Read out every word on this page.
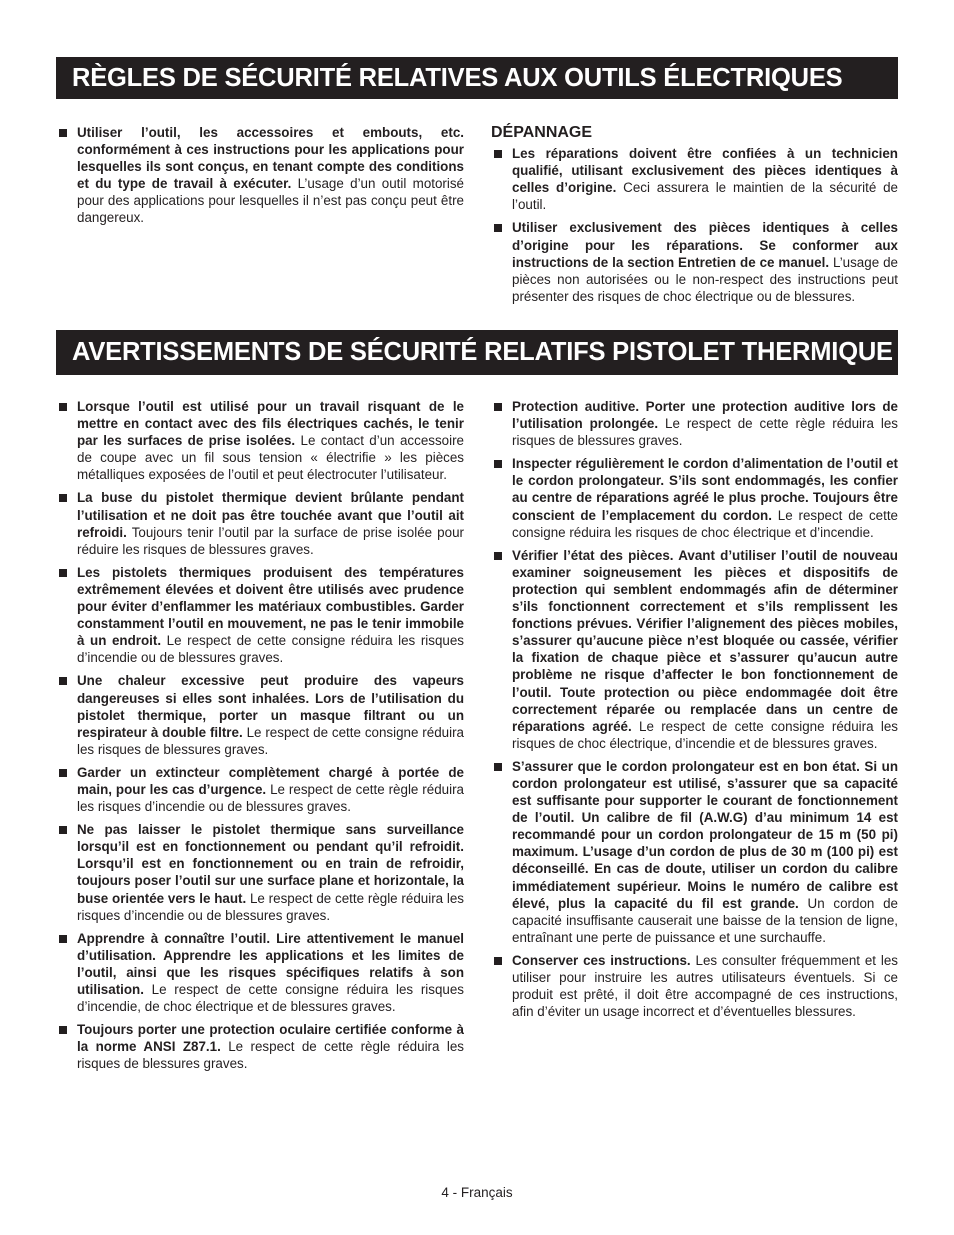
RÈGLES DE SÉCURITÉ RELATIVES AUX OUTILS ÉLECTRIQUES
Utiliser l’outil, les accessoires et embouts, etc. conformément à ces instructions pour les applications pour lesquelles ils sont conçus, en tenant compte des conditions et du type de travail à exécuter. L’usage d’un outil motorisé pour des applications pour lesquelles il n’est pas conçu peut être dangereux.
DÉPANNAGE
Les réparations doivent être confiées à un technicien qualifié, utilisant exclusivement des pièces identiques à celles d’origine. Ceci assurera le maintien de la sécurité de l’outil.
Utiliser exclusivement des pièces identiques à celles d’origine pour les réparations. Se conformer aux instructions de la section Entretien de ce manuel. L’usage de pièces non autorisées ou le non-respect des instructions peut présenter des risques de choc électrique ou de blessures.
AVERTISSEMENTS DE SÉCURITÉ RELATIFS PISTOLET THERMIQUE
Lorsque l’outil est utilisé pour un travail risquant de le mettre en contact avec des fils électriques cachés, le tenir par les surfaces de prise isolées. Le contact d’un accessoire de coupe avec un fil sous tension « électrifie » les pièces métalliques exposées de l’outil et peut électrocuter l’utilisateur.
La buse du pistolet thermique devient brûlante pendant l’utilisation et ne doit pas être touchée avant que l’outil ait refroidi. Toujours tenir l’outil par la surface de prise isolée pour réduire les risques de blessures graves.
Les pistolets thermiques produisent des températures extrêmement élevées et doivent être utilisés avec prudence pour éviter d’enflammer les matériaux combustibles. Garder constamment l’outil en mouvement, ne pas le tenir immobile à un endroit. Le respect de cette consigne réduira les risques d’incendie ou de blessures graves.
Une chaleur excessive peut produire des vapeurs dangereuses si elles sont inhalées. Lors de l’utilisation du pistolet thermique, porter un masque filtrant ou un respirateur à double filtre. Le respect de cette consigne réduira les risques de blessures graves.
Garder un extincteur complètement chargé à portée de main, pour les cas d’urgence. Le respect de cette règle réduira les risques d’incendie ou de blessures graves.
Ne pas laisser le pistolet thermique sans surveillance lorsqu’il est en fonctionnement ou pendant qu’il refroidit. Lorsqu’il est en fonctionnement ou en train de refroidir, toujours poser l’outil sur une surface plane et horizontale, la buse orientée vers le haut. Le respect de cette règle réduira les risques d’incendie ou de blessures graves.
Apprendre à connaître l’outil. Lire attentivement le manuel d’utilisation. Apprendre les applications et les limites de l’outil, ainsi que les risques spécifiques relatifs à son utilisation. Le respect de cette consigne réduira les risques d’incendie, de choc électrique et de blessures graves.
Toujours porter une protection oculaire certifiée conforme à la norme ANSI Z87.1. Le respect de cette règle réduira les risques de blessures graves.
Protection auditive. Porter une protection auditive lors de l’utilisation prolongée. Le respect de cette règle réduira les risques de blessures graves.
Inspecter régulièrement le cordon d’alimentation de l’outil et le cordon prolongateur. S’ils sont endommagés, les confier au centre de réparations agréé le plus proche. Toujours être conscient de l’emplacement du cordon. Le respect de cette consigne réduira les risques de choc électrique et d’incendie.
Vérifier l’état des pièces. Avant d’utiliser l’outil de nouveau examiner soigneusement les pièces et dispositifs de protection qui semblent endommagés afin de déterminer s’ils fonctionnent correctement et s’ils remplissent les fonctions prévues. Vérifier l’alignement des pièces mobiles, s’assurer qu’aucune pièce n’est bloquée ou cassée, vérifier la fixation de chaque pièce et s’assurer qu’aucun autre problème ne risque d’affecter le bon fonctionnement de l’outil. Toute protection ou pièce endommagée doit être correctement réparée ou remplacée dans un centre de réparations agréé. Le respect de cette consigne réduira les risques de choc électrique, d’incendie et de blessures graves.
S’assurer que le cordon prolongateur est en bon état. Si un cordon prolongateur est utilisé, s’assurer que sa capacité est suffisante pour supporter le courant de fonctionnement de l’outil. Un calibre de fil (A.W.G) d’au minimum 14 est recommandé pour un cordon prolongateur de 15 m (50 pi) maximum. L’usage d’un cordon de plus de 30 m (100 pi) est déconseillé. En cas de doute, utiliser un cordon du calibre immédiatement supérieur. Moins le numéro de calibre est élevé, plus la capacité du fil est grande. Un cordon de capacité insuffisante causerait une baisse de la tension de ligne, entraînant une perte de puissance et une surchauffe.
Conserver ces instructions. Les consulter fréquemment et les utiliser pour instruire les autres utilisateurs éventuels. Si ce produit est prêté, il doit être accompagné de ces instructions, afin d’éviter un usage incorrect et d’éventuelles blessures.
4 - Français
